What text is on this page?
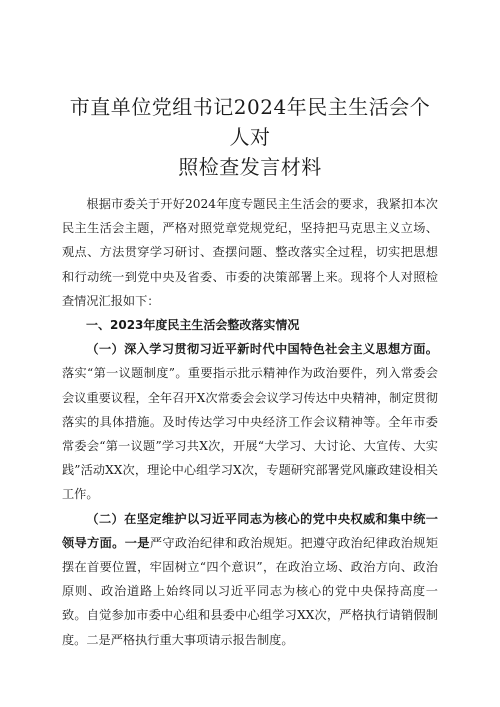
市直单位党组书记2024年民主生活会个人对
照检查发言材料

根据市委关于开好2024年度专题民主生活会的要求，我紧扣本次民主生活会主题，严格对照党章党规党纪，坚持把马克思主义立场、观点、方法贯穿学习研讨、查摆问题、整改落实全过程，切实把思想和行动统一到党中央及省委、市委的决策部署上来。现将个人对照检查情况汇报如下：

一、2023年度民主生活会整改落实情况

（一）深入学习贯彻习近平新时代中国特色社会主义思想方面。落实“第一议题制度”。重要指示批示精神作为政治要件，列入常委会会议重要议程，全年召开X次常委会会议学习传达中央精神，制定贯彻落实的具体措施。及时传达学习中央经济工作会议精神等。全年市委常委会“第一议题”学习共X次，开展“大学习、大讨论、大宣传、大实践”活动XX次，理论中心组学习X次，专题研究部署党风廉政建设相关工作。

（二）在坚定维护以习近平同志为核心的党中央权威和集中统一领导方面。一是严守政治纪律和政治规矩。把遵守政治纪律政治规矩摆在首要位置，牢固树立“四个意识”，在政治立场、政治方向、政治原则、政治道路上始终同以习近平同志为核心的党中央保持高度一致。自觉参加市委中心组和县委中心组学习XX次，严格执行请销假制度。二是严格执行重大事项请示报告制度。
